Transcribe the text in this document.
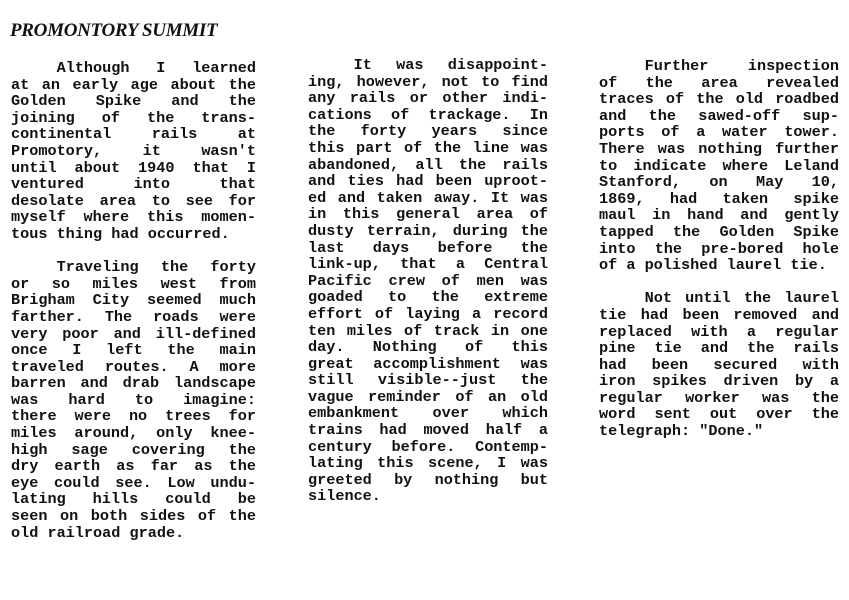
PROMONTORY SUMMIT

Although I learned
at an early age about the
Golden Spike and the
joining of the trans-
continental rails at
Promotory, it wasn't
until about 1940 that I
ventured into that
desolate area to see for
myself where this momen-
tous thing had occurred.

Traveling the forty
or so miles west from
Brigham City seemed much
farther. The roads were
very poor and ill-defined
once I left the main
traveled routes. A more
barren and drab landscape
was hard to imagine:
there were no trees for
miles around, only knee-
high sage covering the
dry earth as far as the
eye could see. Low undu-
lating hills could be
seen on both sides of the
old railroad grade.

It was disappoint-
ing, however, not to find
any rails or other indi-
cations of trackage. In
the forty years since
this part of the line was
abandoned, all the rails
and ties had been uproot-
ed and taken away. It was
in this general area of
dusty terrain, during the
last days before the
link-up, that a Central
Pacific crew of men was
goaded to the extreme
effort of laying a record
ten miles of track in one
day. Nothing of this
great accomplishment was
still visible--just the
vague reminder of an old
embankment over which
trains had moved half a
century before. Contemp-
lating this scene, I was
greeted by nothing but
silence.

Further inspection
of the area revealed
traces of the old roadbed
and the sawed-off sup-
ports of a water tower.
There was nothing further
to indicate where Leland
Stanford, on May 10,
1869, had taken spike
maul in hand and gently
tapped the Golden Spike
into the pre-bored hole
of a polished laurel tie.

Not until the laurel
tie had been removed and
replaced with a regular
pine tie and the rails
had been secured with
iron spikes driven by a
regular worker was the
word sent out over the
telegraph: "Done."
